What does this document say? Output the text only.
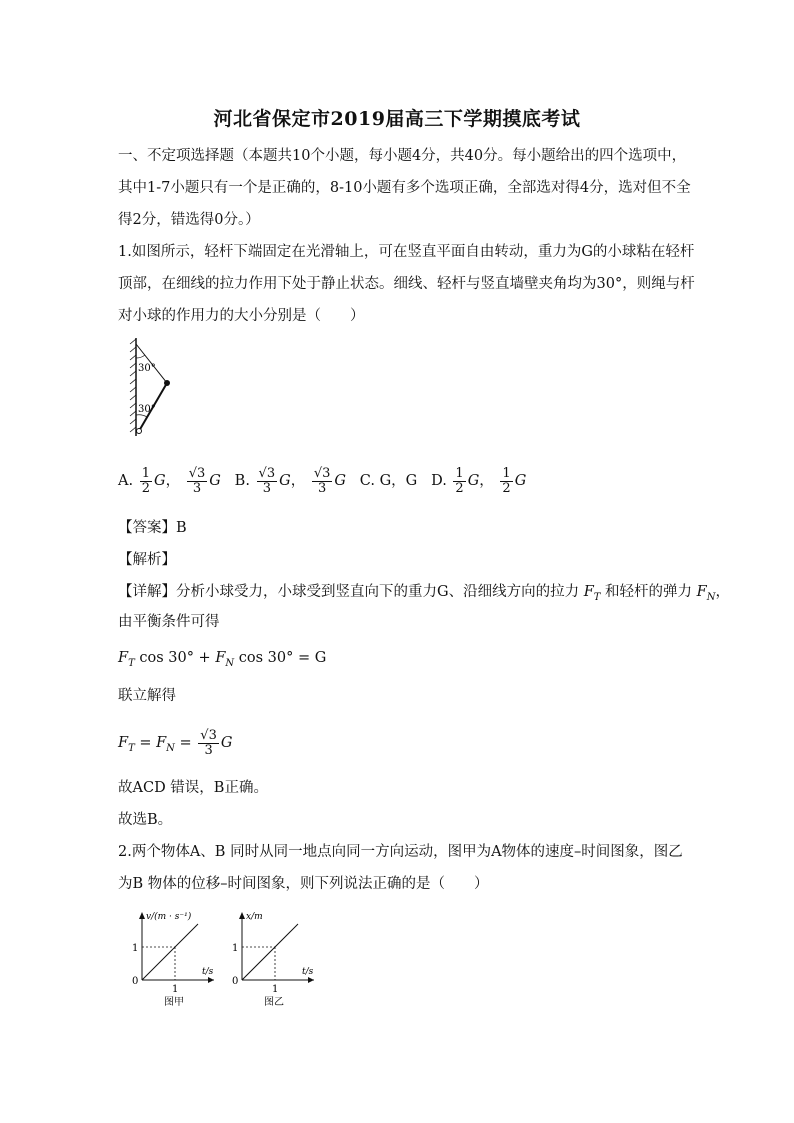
河北省保定市2019届高三下学期摸底考试
一、不定项选择题（本题共10个小题，每小题4分，共40分。每小题给出的四个选项中，
其中1-7小题只有一个是正确的，8-10小题有多个选项正确，全部选对得4分，选对但不全
得2分，错选得0分。）
1.如图所示，轻杆下端固定在光滑轴上，可在竖直平面自由转动，重力为G的小球粘在轻杆
顶部，在细线的拉力作用下处于静止状态。细线、轻杆与竖直墙壁夹角均为30°，则绳与杆
对小球的作用力的大小分别是（　　）
30°
30°
A. $\frac{1}{2}$ G， $\frac{√3}{3}$ G B. $\frac{√3}{3}$ G， $\frac{√3}{3}$ G C. G，G D. $\frac{1}{2}$ G， $\frac{1}{2}$ G
【答案】B
【解析】
【详解】分析小球受力，小球受到竖直向下的重力G、沿细线方向的拉力 $F_T$ 和轻杆的弹力 $F_N$，
由平衡条件可得
$F_T$ $\cos 30^\circ + F_N$ cos 30° = G
联立解得
$F_T = F_N = \frac{√3}{3}$ G
故ACD 错误，B正确。
故选B。
2.两个物体A、B 同时从同一地点向同一方向运动，图甲为A物体的速度–时间图象，图乙
为B 物体的位移–时间图象，则下列说法正确的是（　　）
v/(m · s⁻¹)
t/s
1
1
0
图甲
x/m
t/s
1
1
0
图乙
